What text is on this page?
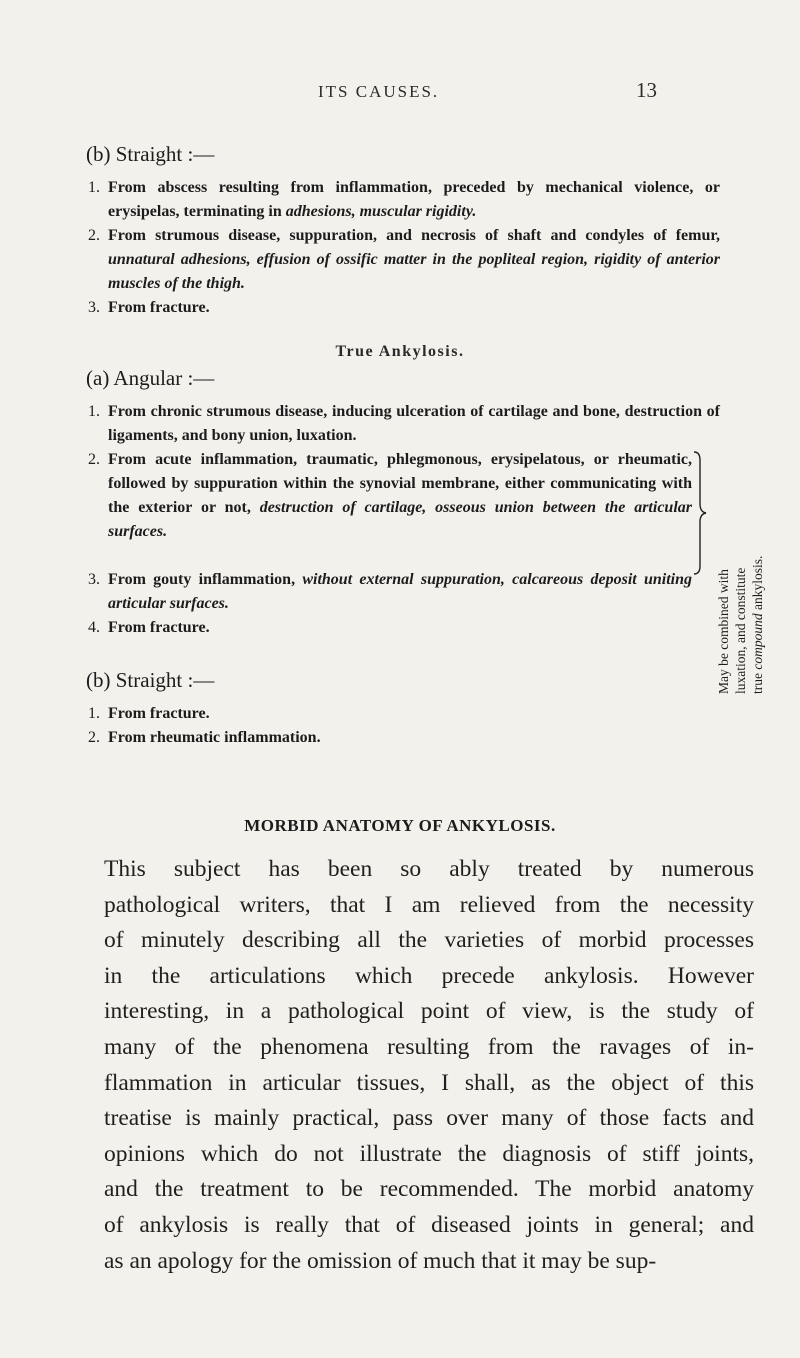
ITS CAUSES.	13
(b) Straight :—
1. From abscess resulting from inflammation, preceded by mechanical violence, or erysipelas, terminating in adhesions, muscular rigidity.
2. From strumous disease, suppuration, and necrosis of shaft and condyles of femur, unnatural adhesions, effusion of ossific matter in the popliteal region, rigidity of anterior muscles of the thigh.
3. From fracture.
True Ankylosis.
(a) Angular :—
1. From chronic strumous disease, inducing ulceration of cartilage and bone, destruction of ligaments, and bony union, luxation.
2. From acute inflammation, traumatic, phlegmonous, erysipelatous, or rheumatic, followed by suppuration within the synovial membrane, either communicating with the exterior or not, destruction of cartilage, osseous union between the articular surfaces.
3. From gouty inflammation, without external suppuration, calcareous deposit uniting articular surfaces.
4. From fracture.	May be combined with luxation, and constitute true compound ankylosis.
(b) Straight :—
1. From fracture.
2. From rheumatic inflammation.
MORBID ANATOMY OF ANKYLOSIS.
This subject has been so ably treated by numerous
pathological writers, that I am relieved from the necessity
of minutely describing all the varieties of morbid processes
in the articulations which precede ankylosis. However
interesting, in a pathological point of view, is the study of
many of the phenomena resulting from the ravages of in-
flammation in articular tissues, I shall, as the object of this
treatise is mainly practical, pass over many of those facts and
opinions which do not illustrate the diagnosis of stiff joints,
and the treatment to be recommended. The morbid anatomy
of ankylosis is really that of diseased joints in general; and
as an apology for the omission of much that it may be sup-
